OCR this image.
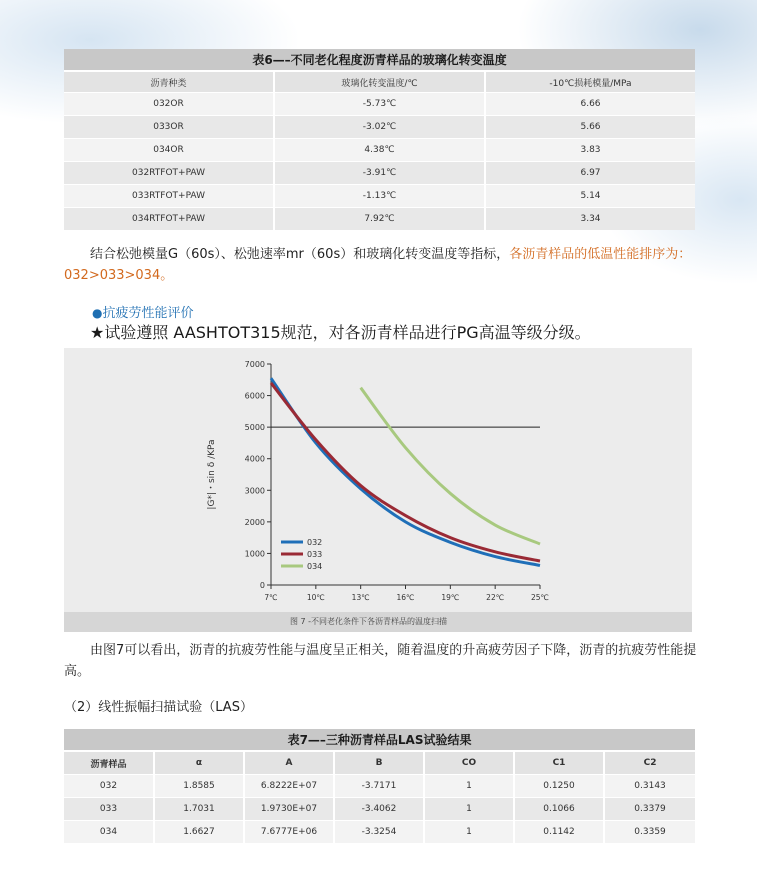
表6—–不同老化程度沥青样品的玻璃化转变温度		
沥青种类	玻璃化转变温度/℃	-10℃损耗模量/MPa
032OR	-5.73℃	6.66
033OR	-3.02℃	5.66
034OR	4.38℃	3.83
032RTFOT+PAW	-3.91℃	6.97
033RTFOT+PAW	-1.13℃	5.14
034RTFOT+PAW	7.92℃	3.34
结合松弛模量G（60s）、松弛速率mr（60s）和玻璃化转变温度等指标，各沥青样品的低温性能排序为：032>033>034。
●抗疲劳性能评价
★试验遵照 AASHTOT315规范，对各沥青样品进行PG高温等级分级。
0
1000
2000
3000
4000
5000
6000
7000
7℃	10℃	13℃	16℃	19℃	22℃	25℃
|G*|・sin δ /KPa
032
033
034
图 7 -不同老化条件下各沥青样品的温度扫描
由图7可以看出，沥青的抗疲劳性能与温度呈正相关，随着温度的升高疲劳因子下降，沥青的抗疲劳性能提高。
（2）线性振幅扫描试验（LAS）
表7—–三种沥青样品LAS试验结果						
沥青样品	α	A	B	CO	C1	C2
032	1.8585	6.8222E+07	-3.7171	1	0.1250	0.3143
033	1.7031	1.9730E+07	-3.4062	1	0.1066	0.3379
034	1.6627	7.6777E+06	-3.3254	1	0.1142	0.3359
